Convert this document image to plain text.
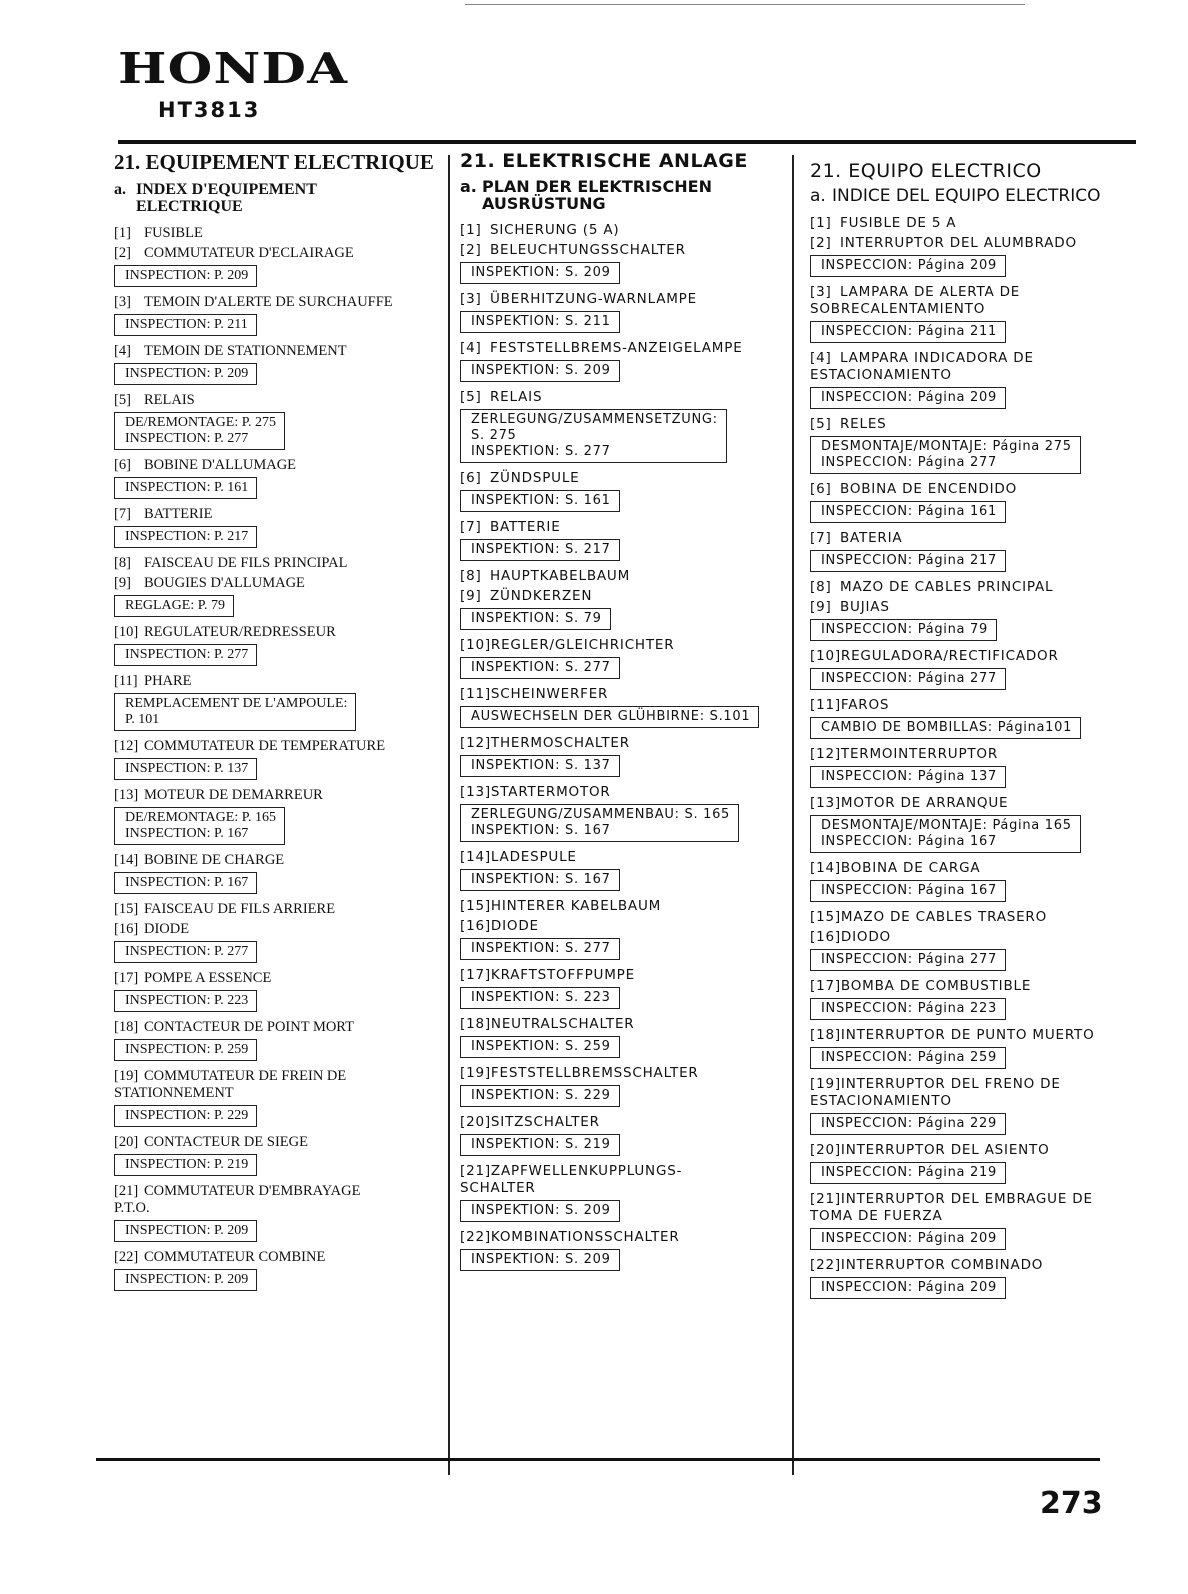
HONDA
HT3813
21. EQUIPEMENT ELECTRIQUE
a. INDEX D'EQUIPEMENT
ELECTRIQUE
[1] FUSIBLE
[2] COMMUTATEUR D'ECLAIRAGE
INSPECTION: P. 209
[3] TEMOIN D'ALERTE DE SURCHAUFFE
INSPECTION: P. 211
[4] TEMOIN DE STATIONNEMENT
INSPECTION: P. 209
[5] RELAIS
DE/REMONTAGE: P. 275
INSPECTION: P. 277
[6] BOBINE D'ALLUMAGE
INSPECTION: P. 161
[7] BATTERIE
INSPECTION: P. 217
[8] FAISCEAU DE FILS PRINCIPAL
[9] BOUGIES D'ALLUMAGE
REGLAGE: P. 79
[10] REGULATEUR/REDRESSEUR
INSPECTION: P. 277
[11] PHARE
REMPLACEMENT DE L'AMPOULE:
P. 101
[12] COMMUTATEUR DE TEMPERATURE
INSPECTION: P. 137
[13] MOTEUR DE DEMARREUR
DE/REMONTAGE: P. 165
INSPECTION: P. 167
[14] BOBINE DE CHARGE
INSPECTION: P. 167
[15] FAISCEAU DE FILS ARRIERE
[16] DIODE
INSPECTION: P. 277
[17] POMPE A ESSENCE
INSPECTION: P. 223
[18] CONTACTEUR DE POINT MORT
INSPECTION: P. 259
[19] COMMUTATEUR DE FREIN DE
STATIONNEMENT
INSPECTION: P. 229
[20] CONTACTEUR DE SIEGE
INSPECTION: P. 219
[21] COMMUTATEUR D'EMBRAYAGE
P.T.O.
INSPECTION: P. 209
[22] COMMUTATEUR COMBINE
INSPECTION: P. 209
21. ELEKTRISCHE ANLAGE
a. PLAN DER ELEKTRISCHEN
AUSRÜSTUNG
[1] SICHERUNG (5 A)
[2] BELEUCHTUNGSSCHALTER
INSPEKTION: S. 209
[3] ÜBERHITZUNG-WARNLAMPE
INSPEKTION: S. 211
[4] FESTSTELLBREMS-ANZEIGELAMPE
INSPEKTION: S. 209
[5] RELAIS
ZERLEGUNG/ZUSAMMENSETZUNG:
S. 275
INSPEKTION: S. 277
[6] ZÜNDSPULE
INSPEKTION: S. 161
[7] BATTERIE
INSPEKTION: S. 217
[8] HAUPTKABELBAUM
[9] ZÜNDKERZEN
INSPEKTION: S. 79
[10]REGLER/GLEICHRICHTER
INSPEKTION: S. 277
[11]SCHEINWERFER
AUSWECHSELN DER GLÜHBIRNE: S.101
[12]THERMOSCHALTER
INSPEKTION: S. 137
[13]STARTERMOTOR
ZERLEGUNG/ZUSAMMENBAU: S. 165
INSPEKTION: S. 167
[14]LADESPULE
INSPEKTION: S. 167
[15]HINTERER KABELBAUM
[16]DIODE
INSPEKTION: S. 277
[17]KRAFTSTOFFPUMPE
INSPEKTION: S. 223
[18]NEUTRALSCHALTER
INSPEKTION: S. 259
[19]FESTSTELLBREMSSCHALTER
INSPEKTION: S. 229
[20]SITZSCHALTER
INSPEKTION: S. 219
[21]ZAPFWELLENKUPPLUNGS-
SCHALTER
INSPEKTION: S. 209
[22]KOMBINATIONSSCHALTER
INSPEKTION: S. 209
21. EQUIPO ELECTRICO
a. INDICE DEL EQUIPO ELECTRICO
[1] FUSIBLE DE 5 A
[2] INTERRUPTOR DEL ALUMBRADO
INSPECCION: Página 209
[3] LAMPARA DE ALERTA DE
SOBRECALENTAMIENTO
INSPECCION: Página 211
[4] LAMPARA INDICADORA DE
ESTACIONAMIENTO
INSPECCION: Página 209
[5] RELES
DESMONTAJE/MONTAJE: Página 275
INSPECCION: Página 277
[6] BOBINA DE ENCENDIDO
INSPECCION: Página 161
[7] BATERIA
INSPECCION: Página 217
[8] MAZO DE CABLES PRINCIPAL
[9] BUJIAS
INSPECCION: Página 79
[10]REGULADORA/RECTIFICADOR
INSPECCION: Página 277
[11]FAROS
CAMBIO DE BOMBILLAS: Página101
[12]TERMOINTERRUPTOR
INSPECCION: Página 137
[13]MOTOR DE ARRANQUE
DESMONTAJE/MONTAJE: Página 165
INSPECCION: Página 167
[14]BOBINA DE CARGA
INSPECCION: Página 167
[15]MAZO DE CABLES TRASERO
[16]DIODO
INSPECCION: Página 277
[17]BOMBA DE COMBUSTIBLE
INSPECCION: Página 223
[18]INTERRUPTOR DE PUNTO MUERTO
INSPECCION: Página 259
[19]INTERRUPTOR DEL FRENO DE
ESTACIONAMIENTO
INSPECCION: Página 229
[20]INTERRUPTOR DEL ASIENTO
INSPECCION: Página 219
[21]INTERRUPTOR DEL EMBRAGUE DE
TOMA DE FUERZA
INSPECCION: Página 209
[22]INTERRUPTOR COMBINADO
INSPECCION: Página 209
273
